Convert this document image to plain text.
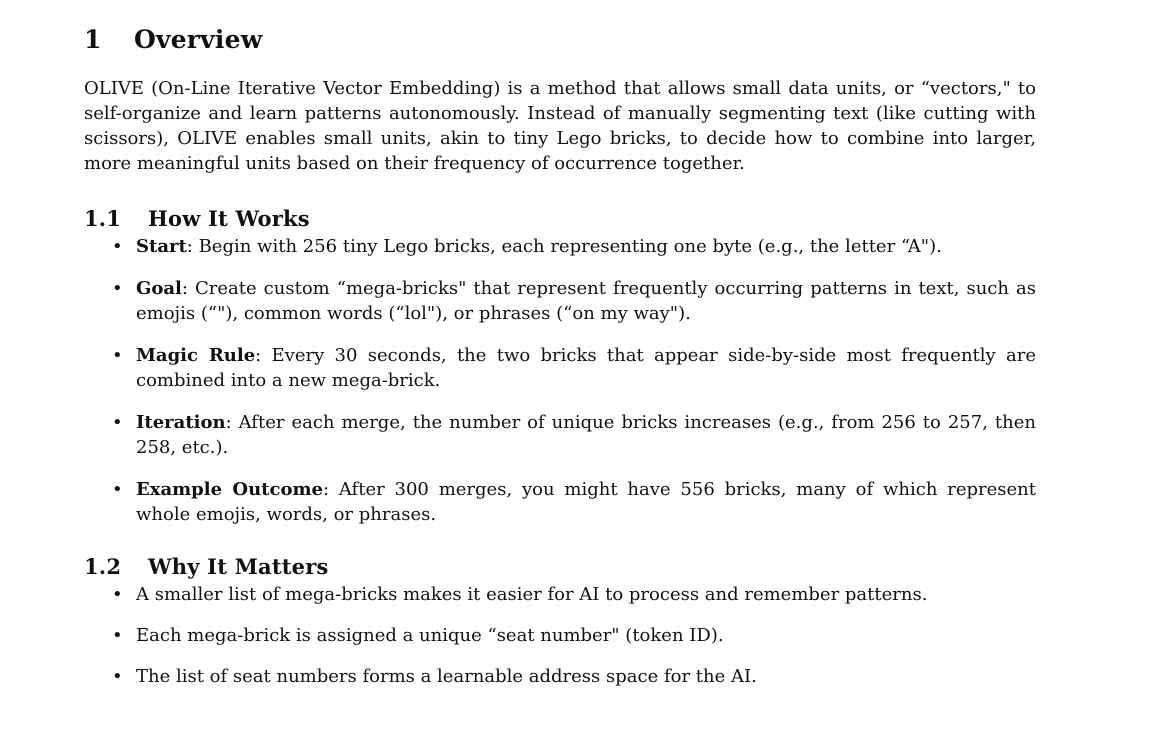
1 Overview

OLIVE (On-Line Iterative Vector Embedding) is a method that allows small data units, or “vectors," to self-organize and learn patterns autonomously. Instead of manually segmenting text (like cutting with scissors), OLIVE enables small units, akin to tiny Lego bricks, to decide how to combine into larger, more meaningful units based on their frequency of occurrence together.

1.1 How It Works
• Start: Begin with 256 tiny Lego bricks, each representing one byte (e.g., the letter “A").
• Goal: Create custom “mega-bricks" that represent frequently occurring patterns in text, such as emojis (“"), common words (“lol"), or phrases (“on my way").
• Magic Rule: Every 30 seconds, the two bricks that appear side-by-side most frequently are combined into a new mega-brick.
• Iteration: After each merge, the number of unique bricks increases (e.g., from 256 to 257, then 258, etc.).
• Example Outcome: After 300 merges, you might have 556 bricks, many of which represent whole emojis, words, or phrases.
1.2 Why It Matters
• A smaller list of mega-bricks makes it easier for AI to process and remember patterns.
• Each mega-brick is assigned a unique “seat number" (token ID).
• The list of seat numbers forms a learnable address space for the AI.
